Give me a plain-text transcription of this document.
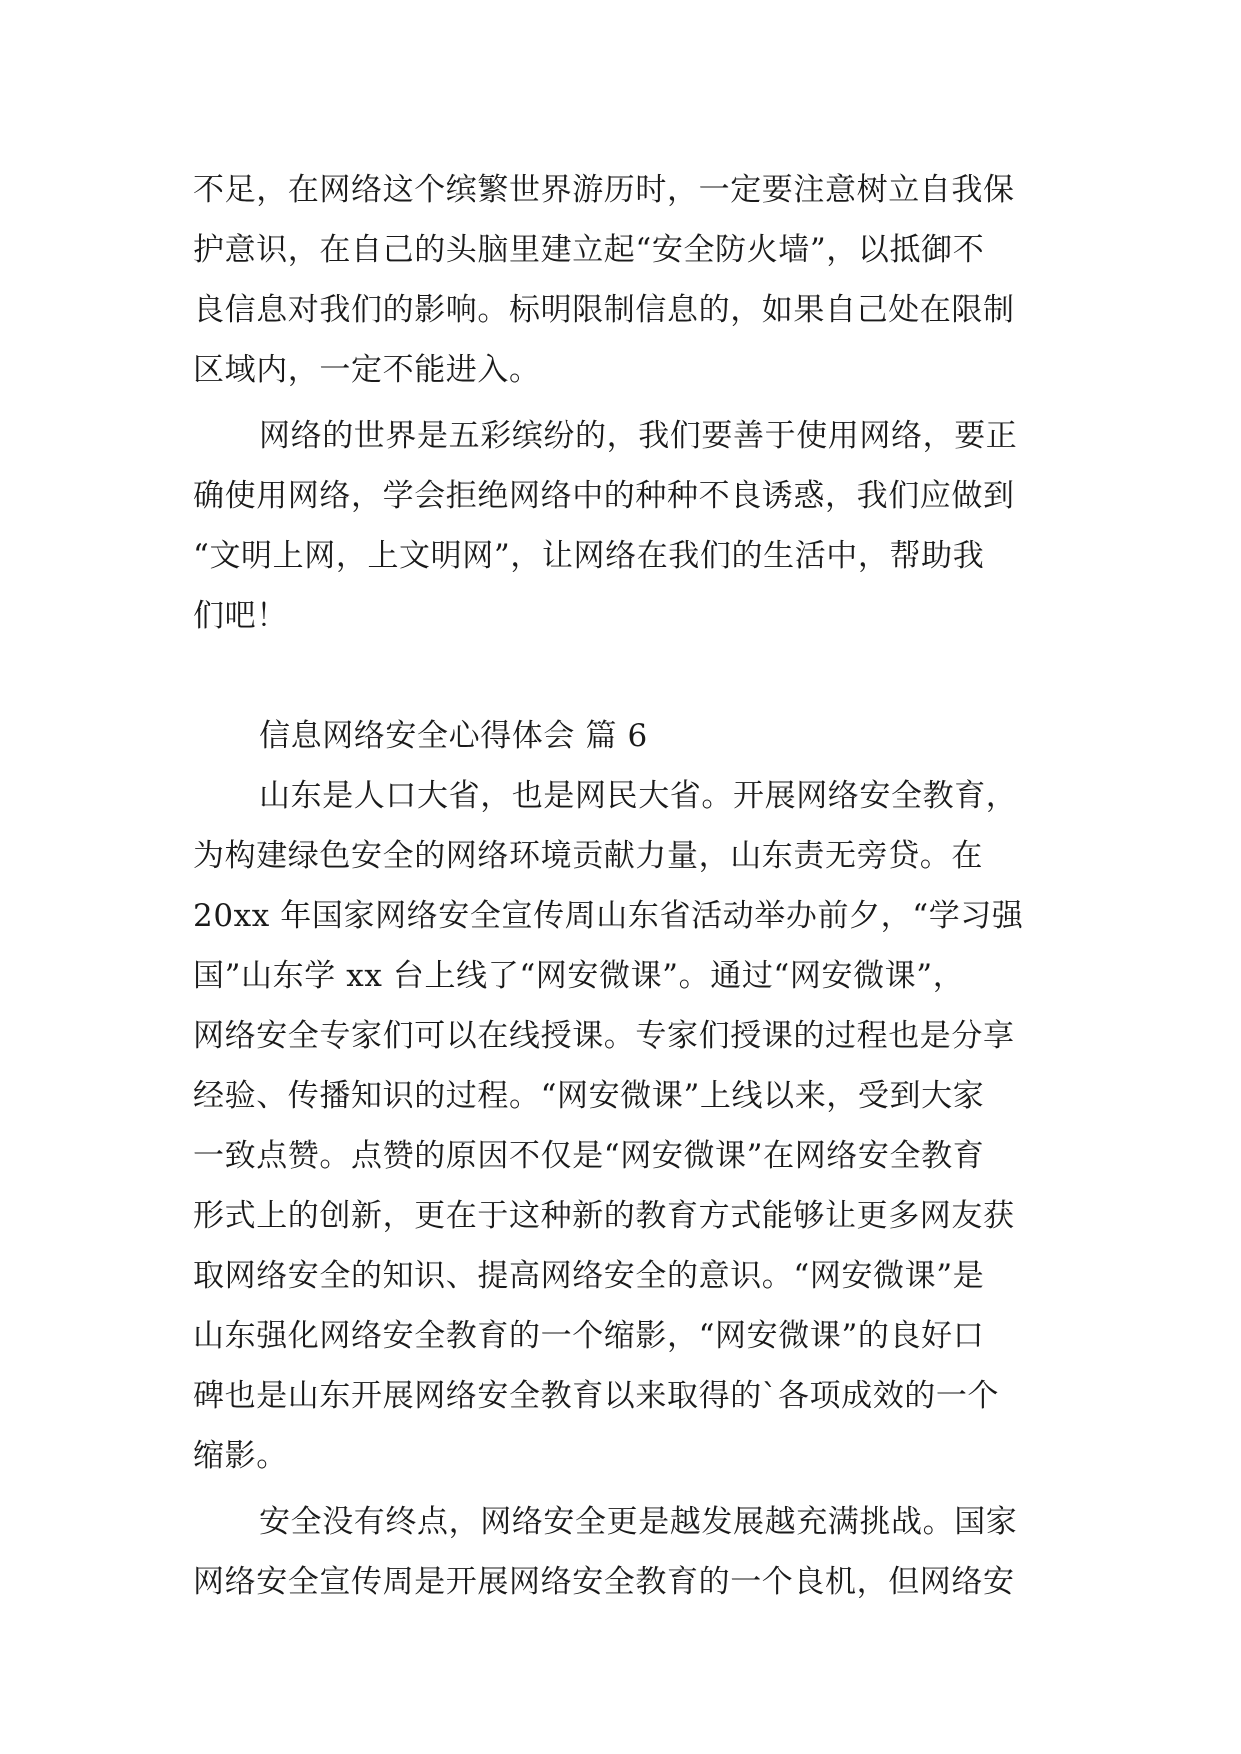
不足，在网络这个缤繁世界游历时，一定要注意树立自我保
护意识，在自己的头脑里建立起“安全防火墙”，以抵御不
良信息对我们的影响。标明限制信息的，如果自己处在限制
区域内，一定不能进入。
网络的世界是五彩缤纷的，我们要善于使用网络，要正
确使用网络，学会拒绝网络中的种种不良诱惑，我们应做到
“文明上网，上文明网”，让网络在我们的生活中，帮助我
们吧！
信息网络安全心得体会 篇 6
山东是人口大省，也是网民大省。开展网络安全教育，
为构建绿色安全的网络环境贡献力量，山东责无旁贷。在
20xx 年国家网络安全宣传周山东省活动举办前夕，“学习强
国”山东学 xx 台上线了“网安微课”。通过“网安微课”，
网络安全专家们可以在线授课。专家们授课的过程也是分享
经验、传播知识的过程。“网安微课”上线以来，受到大家
一致点赞。点赞的原因不仅是“网安微课”在网络安全教育
形式上的创新，更在于这种新的教育方式能够让更多网友获
取网络安全的知识、提高网络安全的意识。“网安微课”是
山东强化网络安全教育的一个缩影，“网安微课”的良好口
碑也是山东开展网络安全教育以来取得的`各项成效的一个
缩影。
安全没有终点，网络安全更是越发展越充满挑战。国家
网络安全宣传周是开展网络安全教育的一个良机，但网络安
